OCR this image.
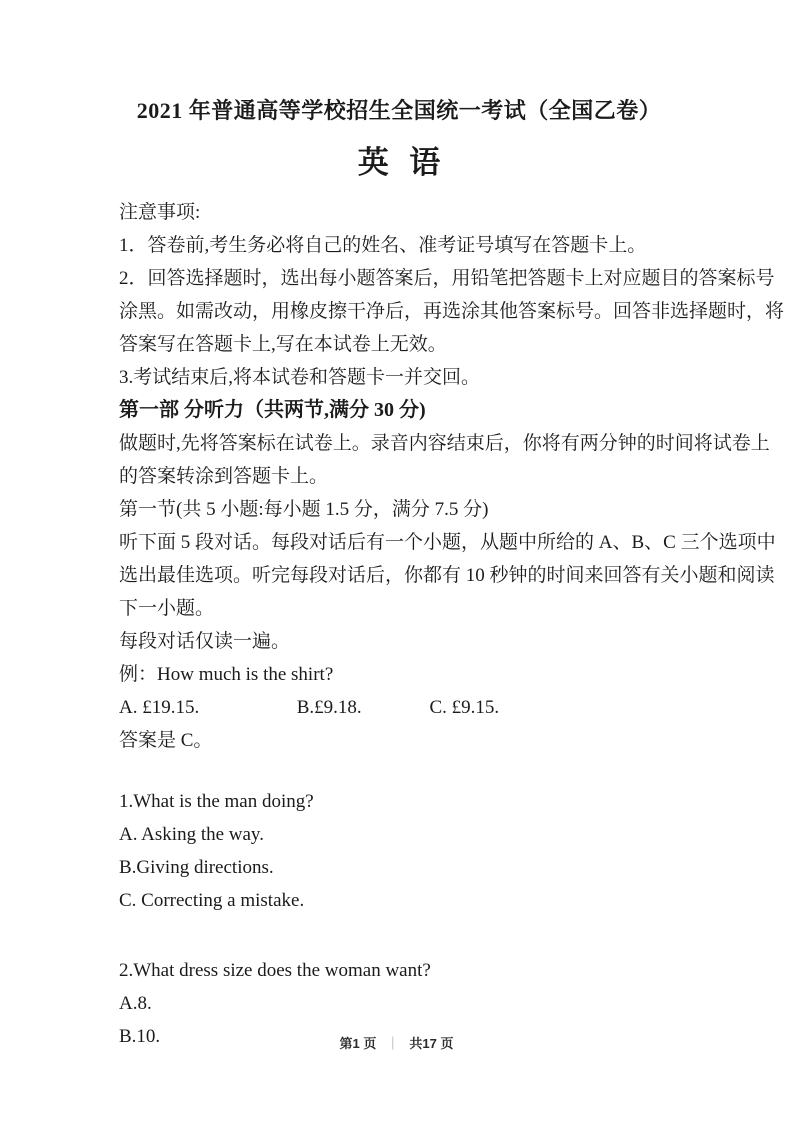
2021 年普通高等学校招生全国统一考试（全国乙卷）
英 语
注意事项:
1．答卷前,考生务必将自己的姓名、准考证号填写在答题卡上。
2．回答选择题时，选出每小题答案后，用铅笔把答题卡上对应题目的答案标号
涂黑。如需改动，用橡皮擦干净后，再选涂其他答案标号。回答非选择题时，将
答案写在答题卡上,写在本试卷上无效。
3.考试结束后,将本试卷和答题卡一并交回。
第一部 分听力（共两节,满分 30 分)
做题时,先将答案标在试卷上。录音内容结束后，你将有两分钟的时间将试卷上
的答案转涂到答题卡上。
第一节(共 5 小题:每小题 1.5 分，满分 7.5 分)
听下面 5 段对话。每段对话后有一个小题，从题中所给的 A、B、C 三个选项中
选出最佳选项。听完每段对话后，你都有 10 秒钟的时间来回答有关小题和阅读
下一小题。
每段对话仅读一遍。
例：How much is the shirt?
A. £19.15.	B.£9.18.	C. £9.15.
答案是 C。
1.What is the man doing?
A. Asking the way.
B.Giving directions.
C. Correcting a mistake.
2.What dress size does the woman want?
A.8.
B.10.	第1 页 ｜ 共17 页
